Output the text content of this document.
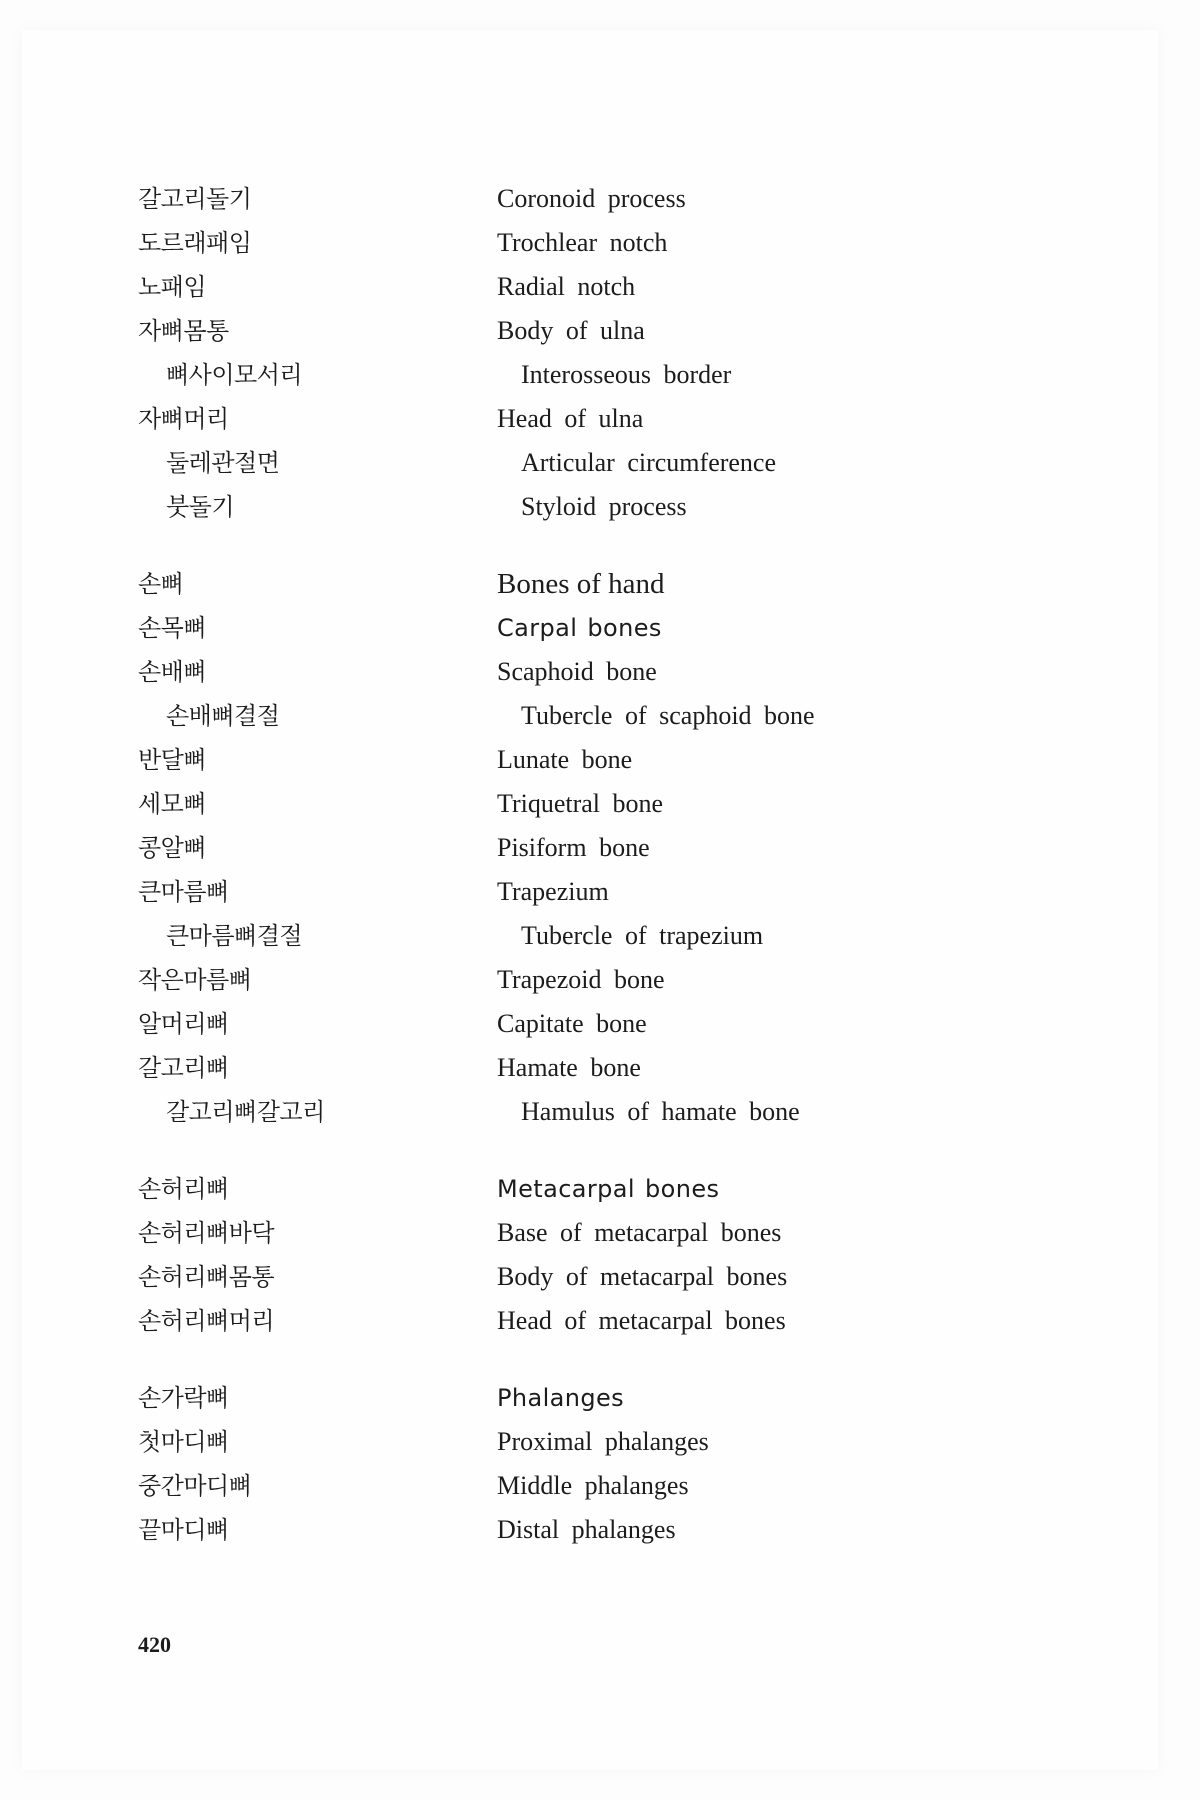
갈고리돌기	Coronoid process
도르래패임	Trochlear notch
노패임	Radial notch
자뼈몸통	Body of ulna
뼈사이모서리	Interosseous border
자뼈머리	Head of ulna
둘레관절면	Articular circumference
붓돌기	Styloid process
손뼈	Bones of hand
손목뼈	Carpal bones
손배뼈	Scaphoid bone
손배뼈결절	Tubercle of scaphoid bone
반달뼈	Lunate bone
세모뼈	Triquetral bone
콩알뼈	Pisiform bone
큰마름뼈	Trapezium
큰마름뼈결절	Tubercle of trapezium
작은마름뼈	Trapezoid bone
알머리뼈	Capitate bone
갈고리뼈	Hamate bone
갈고리뼈갈고리	Hamulus of hamate bone
손허리뼈	Metacarpal bones
손허리뼈바닥	Base of metacarpal bones
손허리뼈몸통	Body of metacarpal bones
손허리뼈머리	Head of metacarpal bones
손가락뼈	Phalanges
첫마디뼈	Proximal phalanges
중간마디뼈	Middle phalanges
끝마디뼈	Distal phalanges
420
